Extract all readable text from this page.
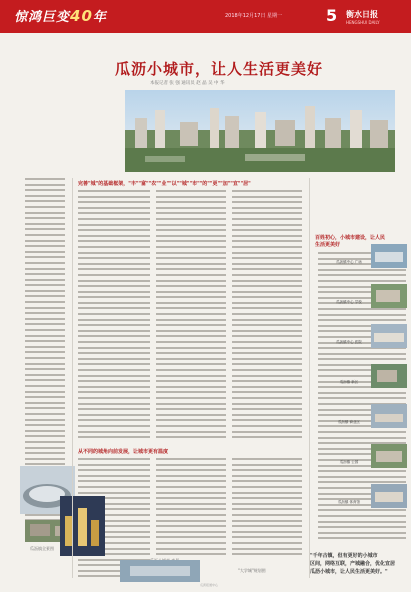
惊鸿巨变40年	2018年12月17日 星期一	5 衡水日报
HENGSHUI DAILY
瓜沥小城市，让人生活更美好
本报记者 张 强 通讯员 赵 晶 吴 中 华
瓜沥镇全景图
完善"城"的基础框架，"丰""富""农""业""以""城""市""的""更""加""宜""居"
从不同的城角向前发展，让城市更有温度
"大学城"规划图
百姓初心，小城市建设，让人民生活更美好
瓜沥镇中心 广场
瓜沥镇中心 学校
瓜沥镇中心 医院
瓜沥镇 新区
瓜沥镇 商业区
瓜沥镇 公园
瓜沥镇 体育馆
"千年古镇，但有更好的小城市
区间，网络互联，产城融合，优化宜居
瓜沥小城市，让人民生活更美好。"
瓜沥报道中心
